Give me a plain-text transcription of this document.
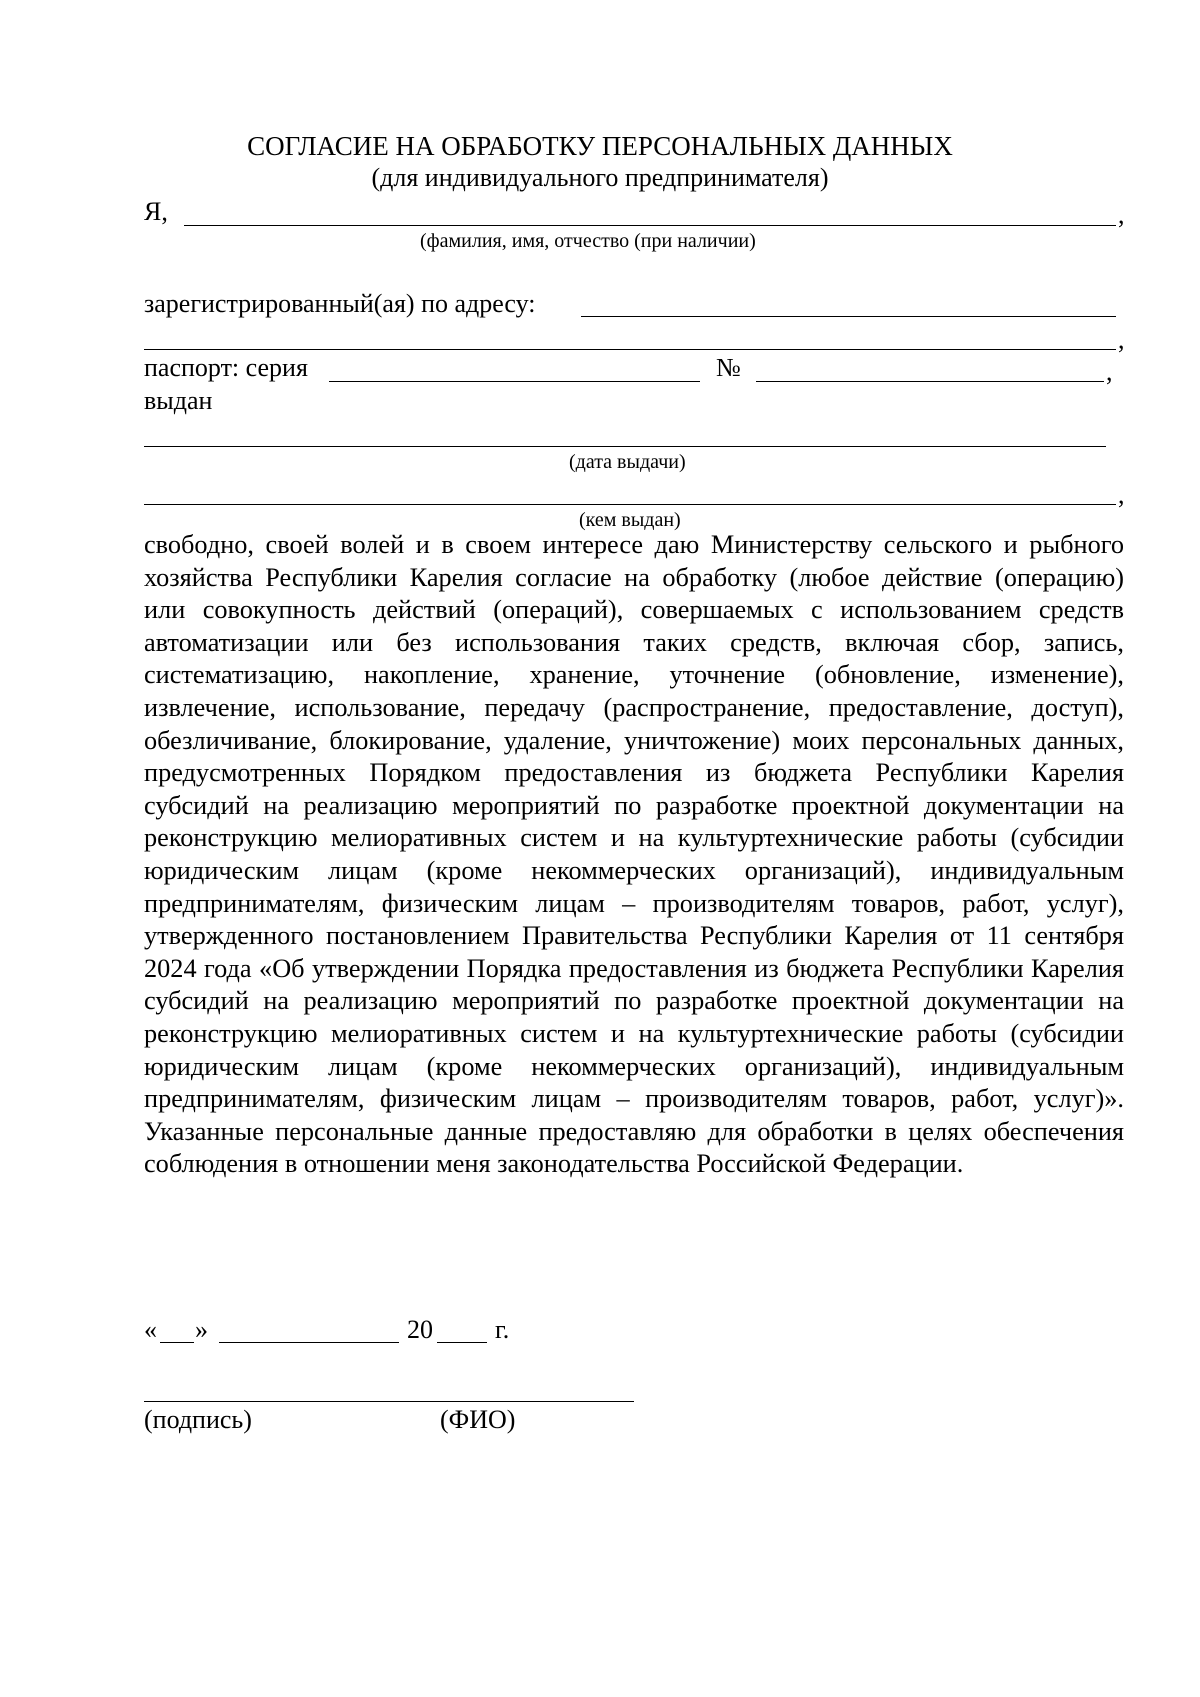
СОГЛАСИЕ НА ОБРАБОТКУ ПЕРСОНАЛЬНЫХ ДАННЫХ
(для индивидуального предпринимателя)
Я,	,
(фамилия, имя, отчество (при наличии)
зарегистрированный(ая) по адресу:
,
паспорт: серия	№	,
выдан
(дата выдачи)
,
(кем выдан)
свободно, своей волей и в своем интересе даю Министерству сельского и рыбного хозяйства Республики Карелия согласие на обработку (любое действие (операцию) или совокупность действий (операций), совершаемых с использованием средств автоматизации или без использования таких средств, включая сбор, запись, систематизацию, накопление, хранение, уточнение (обновление, изменение), извлечение, использование, передачу (распространение, предоставление, доступ), обезличивание, блокирование, удаление, уничтожение) моих персональных данных, предусмотренных Порядком предоставления из бюджета Республики Карелия субсидий на реализацию мероприятий по разработке проектной документации на реконструкцию мелиоративных систем и на культуртехнические работы (субсидии юридическим лицам (кроме некоммерческих организаций), индивидуальным предпринимателям, физическим лицам – производителям товаров, работ, услуг), утвержденного постановлением Правительства Республики Карелия от 11 сентября 2024 года «Об утверждении Порядка предоставления из бюджета Республики Карелия субсидий на реализацию мероприятий по разработке проектной документации на реконструкцию мелиоративных систем и на культуртехнические работы (субсидии юридическим лицам (кроме некоммерческих организаций), индивидуальным предпринимателям, физическим лицам – производителям товаров, работ, услуг)». Указанные персональные данные предоставляю для обработки в целях обеспечения соблюдения в отношении меня законодательства Российской Федерации.
« »	20 г.
(подпись)	(ФИО)
